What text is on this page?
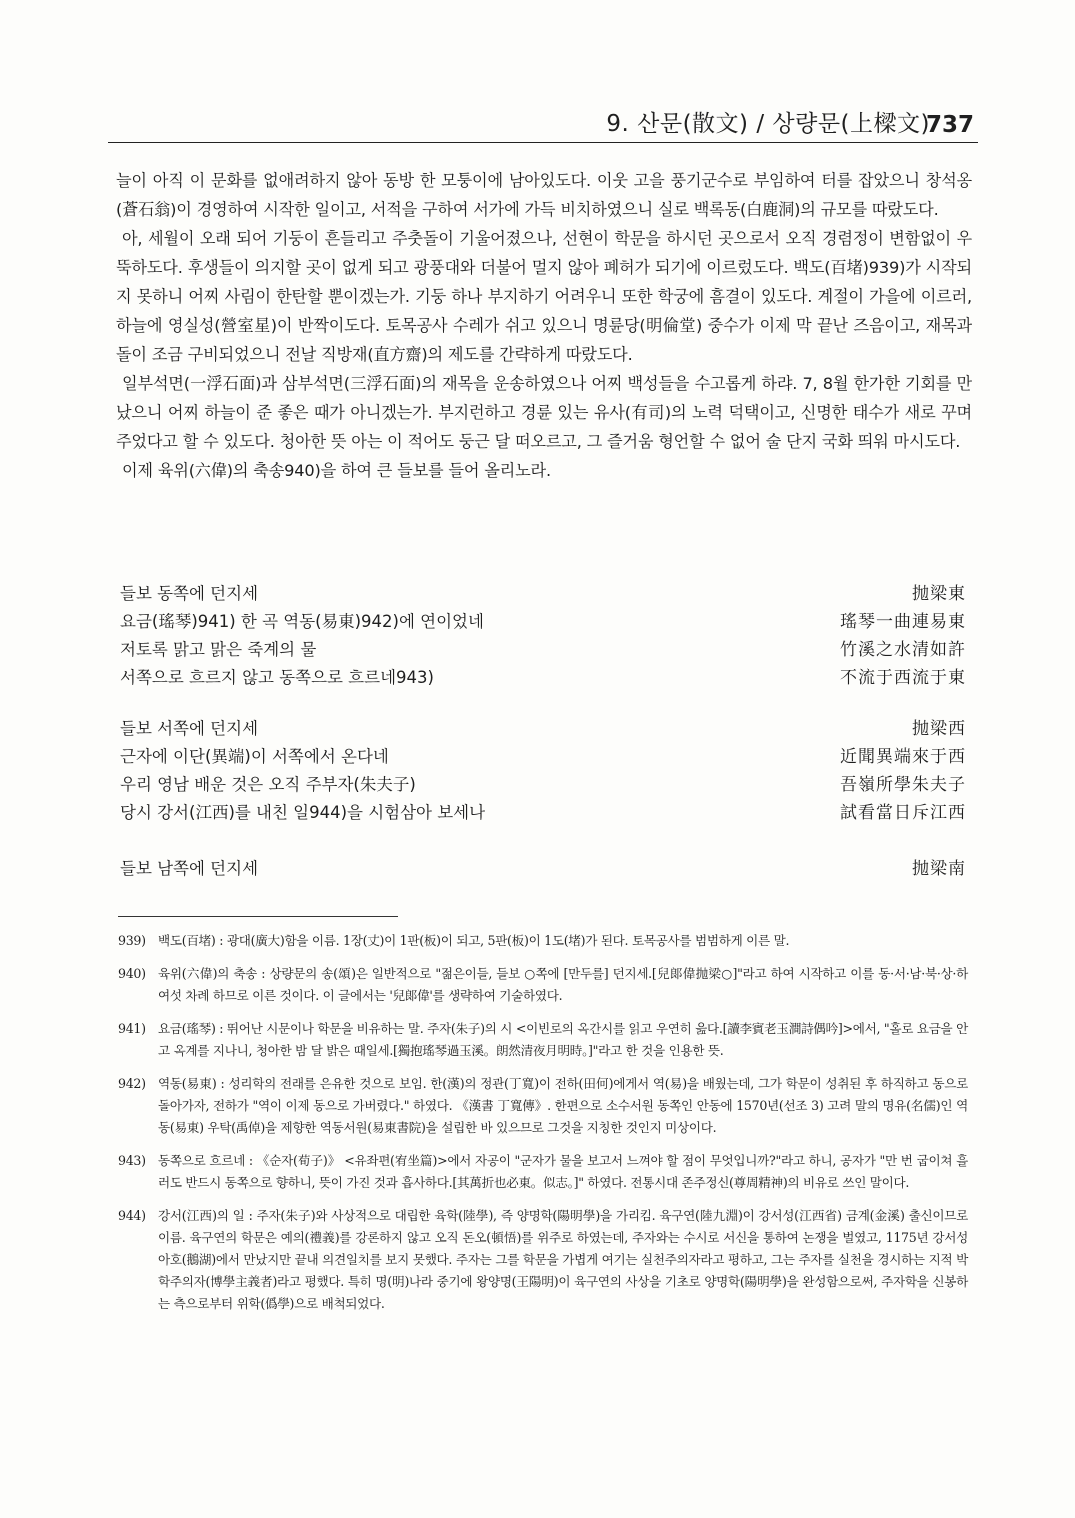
9. 산문(散文) / 상량문(上樑文)
737

늘이 아직 이 문화를 없애려하지 않아 동방 한 모퉁이에 남아있도다. 이웃 고을 풍기군수로 부임하여 터를 잡았으니 창석옹(蒼石翁)이 경영하여 시작한 일이고, 서적을 구하여 서가에 가득 비치하였으니 실로 백록동(白鹿洞)의 규모를 따랐도다.

아, 세월이 오래 되어 기둥이 흔들리고 주춧돌이 기울어졌으나, 선현이 학문을 하시던 곳으로서 오직 경렴정이 변함없이 우뚝하도다. 후생들이 의지할 곳이 없게 되고 광풍대와 더불어 멀지 않아 폐허가 되기에 이르렀도다. 백도(百堵)939)가 시작되지 못하니 어찌 사림이 한탄할 뿐이겠는가. 기둥 하나 부지하기 어려우니 또한 학궁에 흠결이 있도다. 계절이 가을에 이르러, 하늘에 영실성(營室星)이 반짝이도다. 토목공사 수레가 쉬고 있으니 명륜당(明倫堂) 중수가 이제 막 끝난 즈음이고, 재목과 돌이 조금 구비되었으니 전날 직방재(直方齋)의 제도를 간략하게 따랐도다.

일부석면(一浮石面)과 삼부석면(三浮石面)의 재목을 운송하였으나 어찌 백성들을 수고롭게 하랴. 7, 8월 한가한 기회를 만났으니 어찌 하늘이 준 좋은 때가 아니겠는가. 부지런하고 경륜 있는 유사(有司)의 노력 덕택이고, 신명한 태수가 새로 꾸며주었다고 할 수 있도다. 청아한 뜻 아는 이 적어도 둥근 달 떠오르고, 그 즐거움 형언할 수 없어 술 단지 국화 띄워 마시도다.

이제 육위(六偉)의 축송940)을 하여 큰 들보를 들어 올리노라.

들보 동쪽에 던지세	抛梁東
요금(瑤琴)941) 한 곡 역동(易東)942)에 연이었네	瑤琴一曲連易東
저토록 맑고 맑은 죽계의 물	竹溪之水清如許
서쪽으로 흐르지 않고 동쪽으로 흐르네943)	不流于西流于東
들보 서쪽에 던지세	抛梁西
근자에 이단(異端)이 서쪽에서 온다네	近聞異端來于西
우리 영남 배운 것은 오직 주부자(朱夫子)	吾嶺所學朱夫子
당시 강서(江西)를 내친 일944)을 시험삼아 보세나	試看當日斥江西
들보 남쪽에 던지세	抛梁南
939) 백도(百堵) : 광대(廣大)함을 이름. 1장(丈)이 1판(板)이 되고, 5판(板)이 1도(堵)가 된다. 토목공사를 범범하게 이른 말.
940) 육위(六偉)의 축송 : 상량문의 송(頌)은 일반적으로 "젊은이들, 들보 ○쪽에 [만두를] 던지세.[兒郞偉抛梁○]"라고 하여 시작하고 이를 동·서·남·북·상·하 여섯 차례 하므로 이른 것이다. 이 글에서는 '兒郞偉'를 생략하여 기술하였다.
941) 요금(瑤琴) : 뛰어난 시문이나 학문을 비유하는 말. 주자(朱子)의 시 <이빈로의 옥간시를 읽고 우연히 읊다.[讀李賓老玉澗詩偶吟]>에서, "홀로 요금을 안고 옥계를 지나니, 청아한 밤 달 밝은 때일세.[獨抱瑤琴過玉溪。朗然清夜月明時。]"라고 한 것을 인용한 뜻.
942) 역동(易東) : 성리학의 전래를 은유한 것으로 보임. 한(漢)의 정관(丁寬)이 전하(田何)에게서 역(易)을 배웠는데, 그가 학문이 성취된 후 하직하고 동으로 돌아가자, 전하가 "역이 이제 동으로 가버렸다." 하였다. 《漢書 丁寬傳》. 한편으로 소수서원 동쪽인 안동에 1570년(선조 3) 고려 말의 명유(名儒)인 역동(易東) 우탁(禹倬)을 제향한 역동서원(易東書院)을 설립한 바 있으므로 그것을 지칭한 것인지 미상이다.
943) 동쪽으로 흐르네 : 《순자(荀子)》 <유좌편(宥坐篇)>에서 자공이 "군자가 물을 보고서 느껴야 할 점이 무엇입니까?"라고 하니, 공자가 "만 번 굽이쳐 흘러도 반드시 동쪽으로 향하니, 뜻이 가진 것과 흡사하다.[其萬折也必東。似志。]" 하였다. 전통시대 존주정신(尊周精神)의 비유로 쓰인 말이다.
944) 강서(江西)의 일 : 주자(朱子)와 사상적으로 대립한 육학(陸學), 즉 양명학(陽明學)을 가리킴. 육구연(陸九淵)이 강서성(江西省) 금계(金溪) 출신이므로 이름. 육구연의 학문은 예의(禮義)를 강론하지 않고 오직 돈오(頓悟)를 위주로 하였는데, 주자와는 수시로 서신을 통하여 논쟁을 벌였고, 1175년 강서성 아호(鵝湖)에서 만났지만 끝내 의견일치를 보지 못했다. 주자는 그를 학문을 가볍게 여기는 실천주의자라고 평하고, 그는 주자를 실천을 경시하는 지적 박학주의자(博學主義者)라고 평했다. 특히 명(明)나라 중기에 왕양명(王陽明)이 육구연의 사상을 기초로 양명학(陽明學)을 완성함으로써, 주자학을 신봉하는 측으로부터 위학(僞學)으로 배척되었다.
